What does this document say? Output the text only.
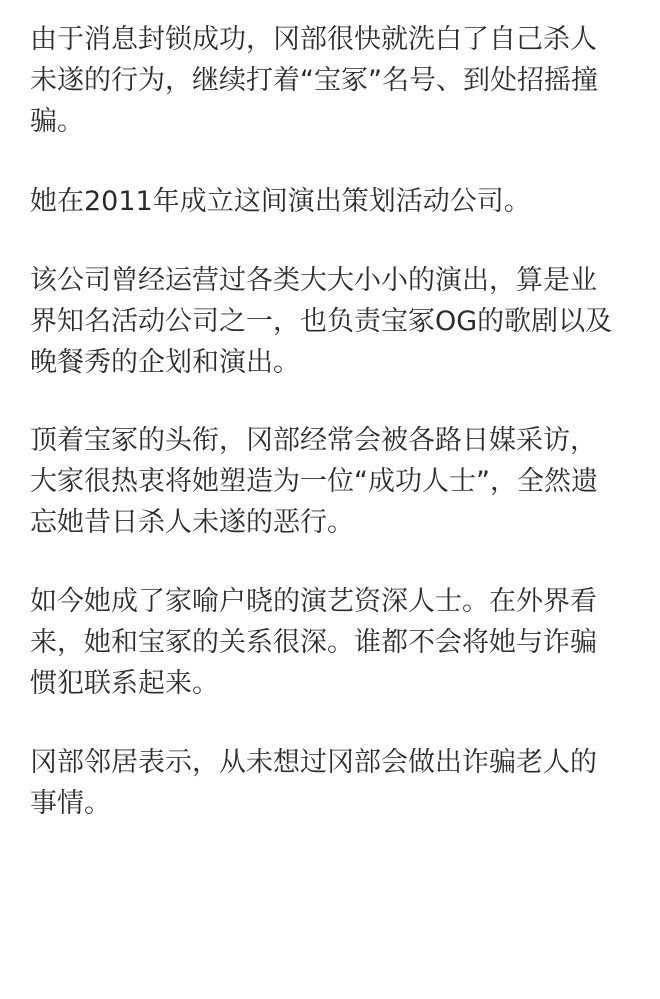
由于消息封锁成功，冈部很快就洗白了自己杀人
未遂的行为，继续打着“宝冢”名号、到处招摇撞
骗。

她在2011年成立这间演出策划活动公司。

该公司曾经运营过各类大大小小的演出，算是业
界知名活动公司之一，也负责宝冢OG的歌剧以及
晚餐秀的企划和演出。

顶着宝冢的头衔，冈部经常会被各路日媒采访，
大家很热衷将她塑造为一位“成功人士”，全然遗
忘她昔日杀人未遂的恶行。

如今她成了家喻户晓的演艺资深人士。在外界看
来，她和宝冢的关系很深。谁都不会将她与诈骗
惯犯联系起来。

冈部邻居表示，从未想过冈部会做出诈骗老人的
事情。
